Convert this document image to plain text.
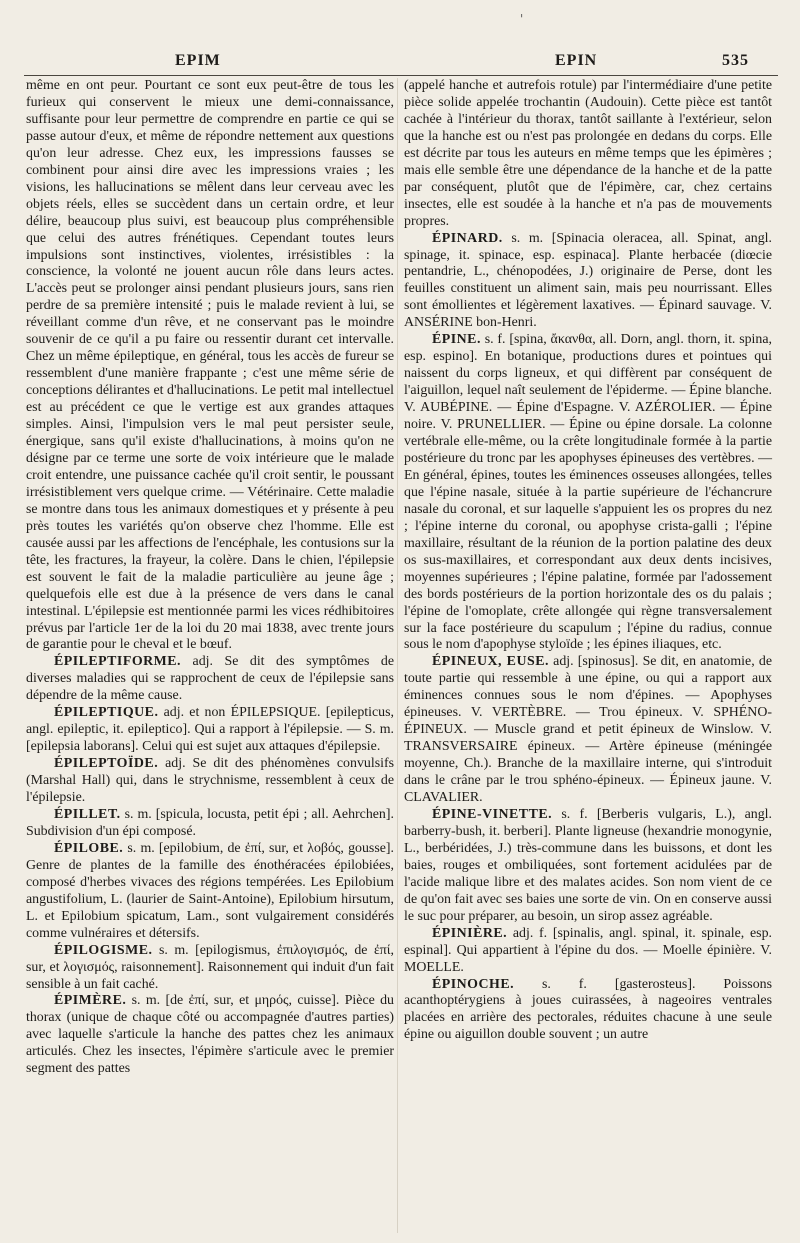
'
EPIM	EPIN	535

même en ont peur. Pourtant ce sont eux peut-être de tous les furieux qui conservent le mieux une demi-connaissance, suffisante pour leur permettre de comprendre en partie ce qui se passe autour d'eux, et même de répondre nettement aux questions qu'on leur adresse. Chez eux, les impressions fausses se combinent pour ainsi dire avec les impressions vraies ; les visions, les hallucinations se mêlent dans leur cerveau avec les objets réels, elles se succèdent dans un certain ordre, et leur délire, beaucoup plus suivi, est beaucoup plus compréhensible que celui des autres frénétiques. Cependant toutes leurs impulsions sont instinctives, violentes, irrésistibles : la conscience, la volonté ne jouent aucun rôle dans leurs actes. L'accès peut se prolonger ainsi pendant plusieurs jours, sans rien perdre de sa première intensité ; puis le malade revient à lui, se réveillant comme d'un rêve, et ne conservant pas le moindre souvenir de ce qu'il a pu faire ou ressentir durant cet intervalle. Chez un même épileptique, en général, tous les accès de fureur se ressemblent d'une manière frappante ; c'est une même série de conceptions délirantes et d'hallucinations. Le petit mal intellectuel est au précédent ce que le vertige est aux grandes attaques simples. Ainsi, l'impulsion vers le mal peut persister seule, énergique, sans qu'il existe d'hallucinations, à moins qu'on ne désigne par ce terme une sorte de voix intérieure que le malade croit entendre, une puissance cachée qu'il croit sentir, le poussant irrésistiblement vers quelque crime. — Vétérinaire. Cette maladie se montre dans tous les animaux domestiques et y présente à peu près toutes les variétés qu'on observe chez l'homme. Elle est causée aussi par les affections de l'encéphale, les contusions sur la tête, les fractures, la frayeur, la colère. Dans le chien, l'épilepsie est souvent le fait de la maladie particulière au jeune âge ; quelquefois elle est due à la présence de vers dans le canal intestinal. L'épilepsie est mentionnée parmi les vices rédhibitoires prévus par l'article 1er de la loi du 20 mai 1838, avec trente jours de garantie pour le cheval et le bœuf.

ÉPILEPTIFORME. adj. Se dit des symptômes de diverses maladies qui se rapprochent de ceux de l'épilepsie sans dépendre de la même cause.

ÉPILEPTIQUE. adj. et non ÉPILEPSIQUE. [epilepticus, angl. epileptic, it. epileptico]. Qui a rapport à l'épilepsie. — S. m. [epilepsia laborans]. Celui qui est sujet aux attaques d'épilepsie.

ÉPILEPTOÏDE. adj. Se dit des phénomènes convulsifs (Marshal Hall) qui, dans le strychnisme, ressemblent à ceux de l'épilepsie.

ÉPILLET. s. m. [spicula, locusta, petit épi ; all. Aehrchen]. Subdivision d'un épi composé.

ÉPILOBE. s. m. [epilobium, de ἐπί, sur, et λοβός, gousse]. Genre de plantes de la famille des énothéracées épilobiées, composé d'herbes vivaces des régions tempérées. Les Epilobium angustifolium, L. (laurier de Saint-Antoine), Epilobium hirsutum, L. et Epilobium spicatum, Lam., sont vulgairement considérés comme vulnéraires et détersifs.

ÉPILOGISME. s. m. [epilogismus, ἐπιλογισμός, de ἐπί, sur, et λογισμός, raisonnement]. Raisonnement qui induit d'un fait sensible à un fait caché.

ÉPIMÈRE. s. m. [de ἐπί, sur, et μηρός, cuisse]. Pièce du thorax (unique de chaque côté ou accompagnée d'autres parties) avec laquelle s'articule la hanche des pattes chez les animaux articulés. Chez les insectes, l'épimère s'articule avec le premier segment des pattes

(appelé hanche et autrefois rotule) par l'intermédiaire d'une petite pièce solide appelée trochantin (Audouin). Cette pièce est tantôt cachée à l'intérieur du thorax, tantôt saillante à l'extérieur, selon que la hanche est ou n'est pas prolongée en dedans du corps. Elle est décrite par tous les auteurs en même temps que les épimères ; mais elle semble être une dépendance de la hanche et de la patte par conséquent, plutôt que de l'épimère, car, chez certains insectes, elle est soudée à la hanche et n'a pas de mouvements propres.

ÉPINARD. s. m. [Spinacia oleracea, all. Spinat, angl. spinage, it. spinace, esp. espinaca]. Plante herbacée (diœcie pentandrie, L., chénopodées, J.) originaire de Perse, dont les feuilles constituent un aliment sain, mais peu nourrissant. Elles sont émollientes et légèrement laxatives. — Épinard sauvage. V. ANSÉRINE bon-Henri.

ÉPINE. s. f. [spina, ἄκανθα, all. Dorn, angl. thorn, it. spina, esp. espino]. En botanique, productions dures et pointues qui naissent du corps ligneux, et qui diffèrent par conséquent de l'aiguillon, lequel naît seulement de l'épiderme. — Épine blanche. V. AUBÉPINE. — Épine d'Espagne. V. AZÉROLIER. — Épine noire. V. PRUNELLIER. — Épine ou épine dorsale. La colonne vertébrale elle-même, ou la crête longitudinale formée à la partie postérieure du tronc par les apophyses épineuses des vertèbres. — En général, épines, toutes les éminences osseuses allongées, telles que l'épine nasale, située à la partie supérieure de l'échancrure nasale du coronal, et sur laquelle s'appuient les os propres du nez ; l'épine interne du coronal, ou apophyse crista-galli ; l'épine maxillaire, résultant de la réunion de la portion palatine des deux os sus-maxillaires, et correspondant aux deux dents incisives, moyennes supérieures ; l'épine palatine, formée par l'adossement des bords postérieurs de la portion horizontale des os du palais ; l'épine de l'omoplate, crête allongée qui règne transversalement sur la face postérieure du scapulum ; l'épine du radius, connue sous le nom d'apophyse styloïde ; les épines iliaques, etc.

ÉPINEUX, EUSE. adj. [spinosus]. Se dit, en anatomie, de toute partie qui ressemble à une épine, ou qui a rapport aux éminences connues sous le nom d'épines. — Apophyses épineuses. V. VERTÈBRE. — Trou épineux. V. SPHÉNO-ÉPINEUX. — Muscle grand et petit épineux de Winslow. V. TRANSVERSAIRE épineux. — Artère épineuse (méningée moyenne, Ch.). Branche de la maxillaire interne, qui s'introduit dans le crâne par le trou sphéno-épineux. — Épineux jaune. V. CLAVALIER.

ÉPINE-VINETTE. s. f. [Berberis vulgaris, L.), angl. barberry-bush, it. berberi]. Plante ligneuse (hexandrie monogynie, L., berbéridées, J.) très-commune dans les buissons, et dont les baies, rouges et ombiliquées, sont fortement acidulées par de l'acide malique libre et des malates acides. Son nom vient de ce de qu'on fait avec ses baies une sorte de vin. On en conserve aussi le suc pour préparer, au besoin, un sirop assez agréable.

ÉPINIÈRE. adj. f. [spinalis, angl. spinal, it. spinale, esp. espinal]. Qui appartient à l'épine du dos. — Moelle épinière. V. MOELLE.

ÉPINOCHE. s. f. [gasterosteus]. Poissons acanthoptérygiens à joues cuirassées, à nageoires ventrales placées en arrière des pectorales, réduites chacune à une seule épine ou aiguillon double souvent ; un autre
